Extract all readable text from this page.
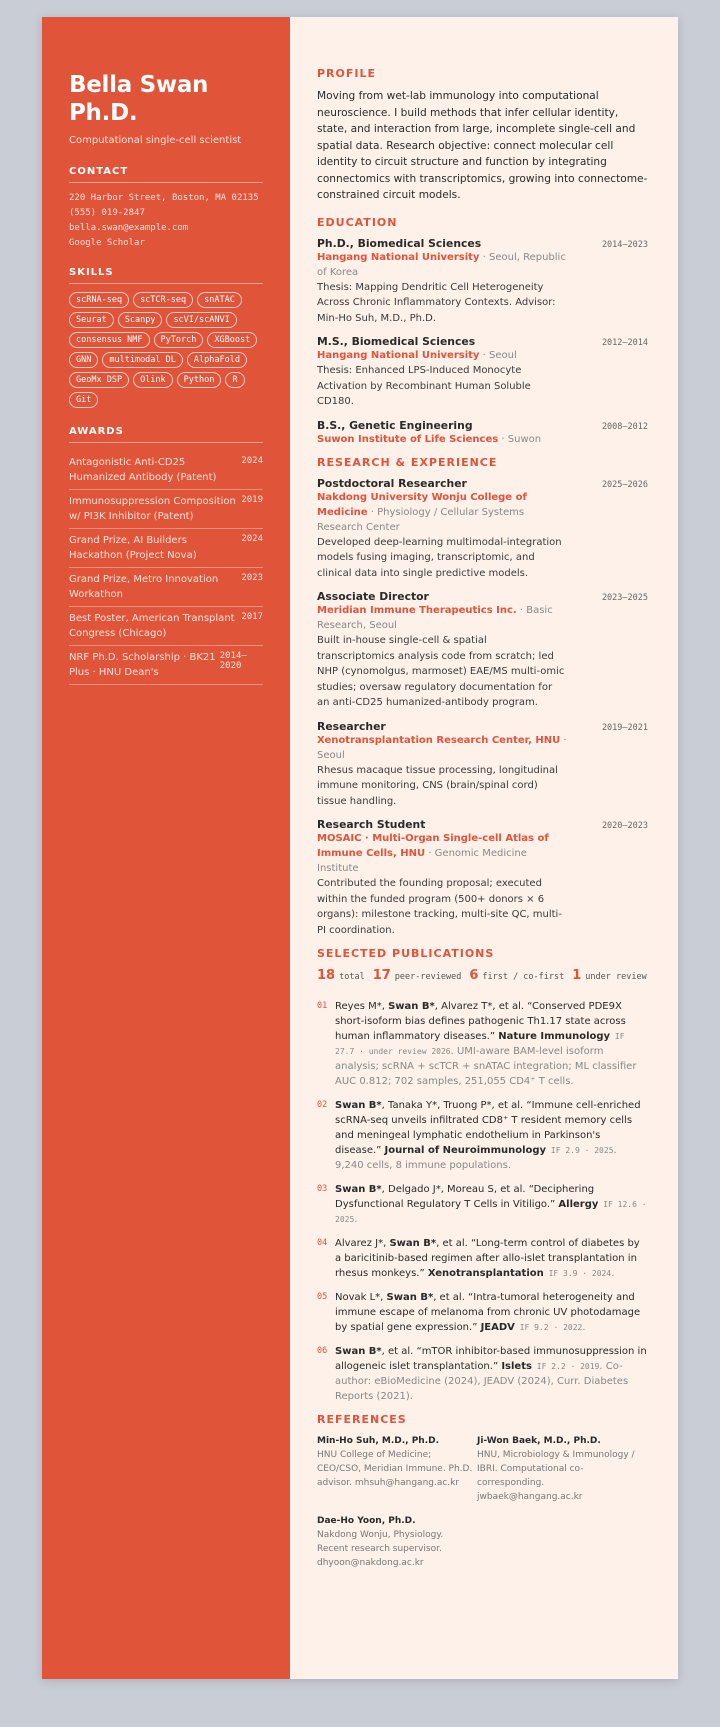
Bella Swan Ph.D.
Computational single-cell scientist
CONTACT
220 Harbor Street, Boston, MA 02135
(555) 019-2847
bella.swan@example.com
Google Scholar
SKILLS
scRNA-seq	scTCR-seq	snATAC
Seurat	Scanpy	scVI/scANVI
consensus NMF	PyTorch	XGBoost
GNN	multimodal DL	AlphaFold
GeoMx DSP	Olink	Python	R
Git
AWARDS
Antagonistic Anti-CD25 Humanized Antibody (Patent)
2024
Immunosuppression Composition w/ PI3K Inhibitor (Patent)
2019
Grand Prize, AI Builders Hackathon (Project Nova)
2024
Grand Prize, Metro Innovation Workathon
2023
Best Poster, American Transplant Congress (Chicago)
2017
NRF Ph.D. Scholarship · BK21 Plus · HNU Dean's
2014–2020
PROFILE
Moving from wet-lab immunology into computational neuroscience. I build methods that infer cellular identity, state, and interaction from large, incomplete single-cell and spatial data. Research objective: connect molecular cell identity to circuit structure and function by integrating connectomics with transcriptomics, growing into connectome-constrained circuit models.
EDUCATION
Ph.D., Biomedical Sciences	2014–2023
Hangang National University · Seoul, Republic of Korea
Thesis: Mapping Dendritic Cell Heterogeneity Across Chronic Inflammatory Contexts. Advisor: Min-Ho Suh, M.D., Ph.D.
M.S., Biomedical Sciences	2012–2014
Hangang National University · Seoul
Thesis: Enhanced LPS-Induced Monocyte Activation by Recombinant Human Soluble CD180.
B.S., Genetic Engineering	2008–2012
Suwon Institute of Life Sciences · Suwon
RESEARCH & EXPERIENCE
Postdoctoral Researcher	2025–2026
Nakdong University Wonju College of Medicine · Physiology / Cellular Systems Research Center
Developed deep-learning multimodal-integration models fusing imaging, transcriptomic, and clinical data into single predictive models.
Associate Director	2023–2025
Meridian Immune Therapeutics Inc. · Basic Research, Seoul
Built in-house single-cell & spatial transcriptomics analysis code from scratch; led NHP (cynomolgus, marmoset) EAE/MS multi-omic studies; oversaw regulatory documentation for an anti-CD25 humanized-antibody program.
Researcher	2019–2021
Xenotransplantation Research Center, HNU · Seoul
Rhesus macaque tissue processing, longitudinal immune monitoring, CNS (brain/spinal cord) tissue handling.
Research Student	2020–2023
MOSAIC · Multi-Organ Single-cell Atlas of Immune Cells, HNU · Genomic Medicine Institute
Contributed the founding proposal; executed within the funded program (500+ donors × 6 organs): milestone tracking, multi-site QC, multi-PI coordination.
SELECTED PUBLICATIONS
18 total 17 peer-reviewed 6 first / co-first 1 under review
01 Reyes M*, Swan B*, Alvarez T*, et al. “Conserved PDE9X short-isoform bias defines pathogenic Th1.17 state across human inflammatory diseases.” Nature Immunology IF 27.7 · under review 2026. UMI-aware BAM-level isoform analysis; scRNA + scTCR + snATAC integration; ML classifier AUC 0.812; 702 samples, 251,055 CD4⁺ T cells.
02 Swan B*, Tanaka Y*, Truong P*, et al. “Immune cell-enriched scRNA-seq unveils infiltrated CD8⁺ T resident memory cells and meningeal lymphatic endothelium in Parkinson's disease.” Journal of Neuroimmunology IF 2.9 · 2025. 9,240 cells, 8 immune populations.
03 Swan B*, Delgado J*, Moreau S, et al. “Deciphering Dysfunctional Regulatory T Cells in Vitiligo.” Allergy IF 12.6 · 2025.
04 Alvarez J*, Swan B*, et al. “Long-term control of diabetes by a baricitinib-based regimen after allo-islet transplantation in rhesus monkeys.” Xenotransplantation IF 3.9 · 2024.
05 Novak L*, Swan B*, et al. “Intra-tumoral heterogeneity and immune escape of melanoma from chronic UV photodamage by spatial gene expression.” JEADV IF 9.2 · 2022.
06 Swan B*, et al. “mTOR inhibitor-based immunosuppression in allogeneic islet transplantation.” Islets IF 2.2 · 2019. Co-author: eBioMedicine (2024), JEADV (2024), Curr. Diabetes Reports (2021).
REFERENCES
Min-Ho Suh, M.D., Ph.D.
HNU College of Medicine; CEO/CSO, Meridian Immune. Ph.D. advisor. mhsuh@hangang.ac.kr
Ji-Won Baek, M.D., Ph.D.
HNU, Microbiology & Immunology / IBRI. Computational co-corresponding. jwbaek@hangang.ac.kr
Dae-Ho Yoon, Ph.D.
Nakdong Wonju, Physiology. Recent research supervisor. dhyoon@nakdong.ac.kr
